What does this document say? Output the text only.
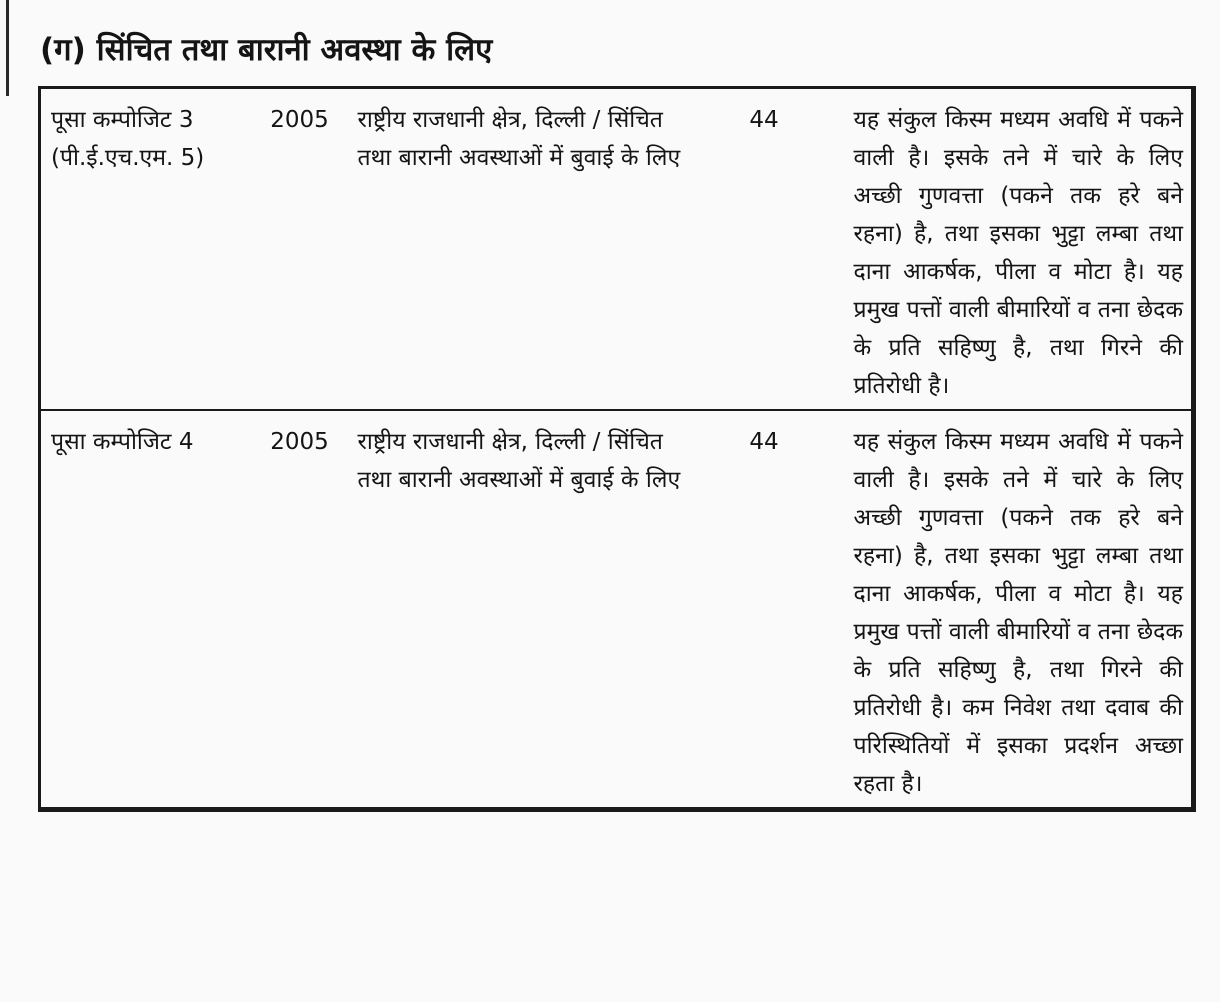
(ग) सिंचित तथा बारानी अवस्था के लिए
पूसा कम्पोजिट 3 (पी.ई.एच.एम. 5)	2005	राष्ट्रीय राजधानी क्षेत्र, दिल्ली / सिंचित तथा बारानी अवस्थाओं में बुवाई के लिए	44	यह संकुल किस्म मध्यम अवधि में पकने वाली है। इसके तने में चारे के लिए अच्छी गुणवत्ता (पकने तक हरे बने रहना) है, तथा इसका भुट्टा लम्बा तथा दाना आकर्षक, पीला व मोटा है। यह प्रमुख पत्तों वाली बीमारियों व तना छेदक के प्रति सहिष्णु है, तथा गिरने की प्रतिरोधी है।
पूसा कम्पोजिट 4	2005	राष्ट्रीय राजधानी क्षेत्र, दिल्ली / सिंचित तथा बारानी अवस्थाओं में बुवाई के लिए	44	यह संकुल किस्म मध्यम अवधि में पकने वाली है। इसके तने में चारे के लिए अच्छी गुणवत्ता (पकने तक हरे बने रहना) है, तथा इसका भुट्टा लम्बा तथा दाना आकर्षक, पीला व मोटा है। यह प्रमुख पत्तों वाली बीमारियों व तना छेदक के प्रति सहिष्णु है, तथा गिरने की प्रतिरोधी है। कम निवेश तथा दवाब की परिस्थितियों में इसका प्रदर्शन अच्छा रहता है।
